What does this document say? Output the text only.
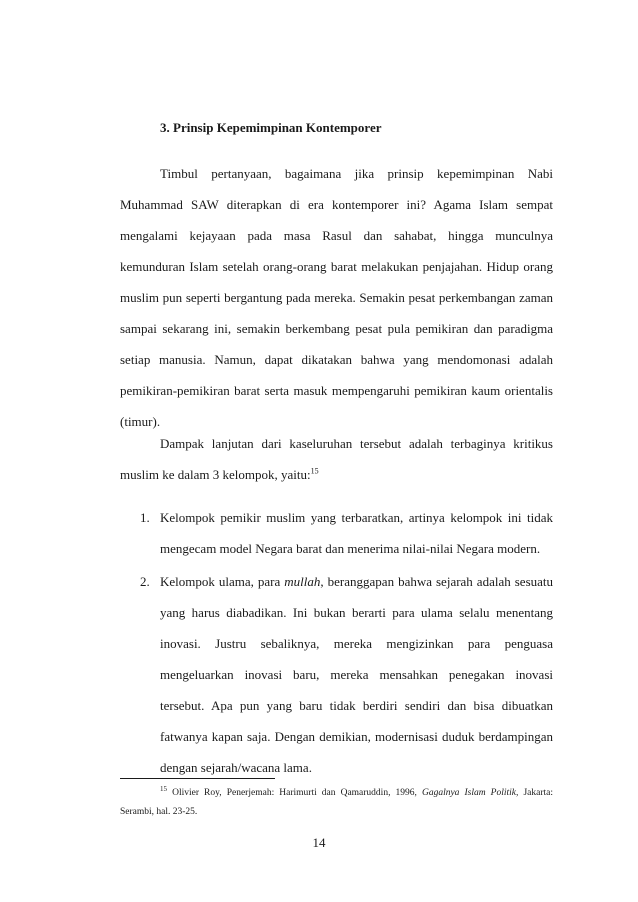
3. Prinsip Kepemimpinan Kontemporer

Timbul pertanyaan, bagaimana jika prinsip kepemimpinan Nabi Muhammad SAW diterapkan di era kontemporer ini? Agama Islam sempat mengalami kejayaan pada masa Rasul dan sahabat, hingga munculnya kemunduran Islam setelah orang-orang barat melakukan penjajahan. Hidup orang muslim pun seperti bergantung pada mereka. Semakin pesat perkembangan zaman sampai sekarang ini, semakin berkembang pesat pula pemikiran dan paradigma setiap manusia. Namun, dapat dikatakan bahwa yang mendomonasi adalah pemikiran-pemikiran barat serta masuk mempengaruhi pemikiran kaum orientalis (timur).

Dampak lanjutan dari kaseluruhan tersebut adalah terbaginya kritikus muslim ke dalam 3 kelompok, yaitu:$^{15}$

1. Kelompok pemikir muslim yang terbaratkan, artinya kelompok ini tidak mengecam model Negara barat dan menerima nilai-nilai Negara modern.
2. Kelompok ulama, para mullah, beranggapan bahwa sejarah adalah sesuatu yang harus diabadikan. Ini bukan berarti para ulama selalu menentang inovasi. Justru sebaliknya, mereka mengizinkan para penguasa mengeluarkan inovasi baru, mereka mensahkan penegakan inovasi tersebut. Apa pun yang baru tidak berdiri sendiri dan bisa dibuatkan fatwanya kapan saja. Dengan demikian, modernisasi duduk berdampingan dengan sejarah/wacana lama.

$^{15}$ Olivier Roy, Penerjemah: Harimurti dan Qamaruddin, 1996, Gagalnya Islam Politik, Jakarta: Serambi, hal. 23-25.

14
